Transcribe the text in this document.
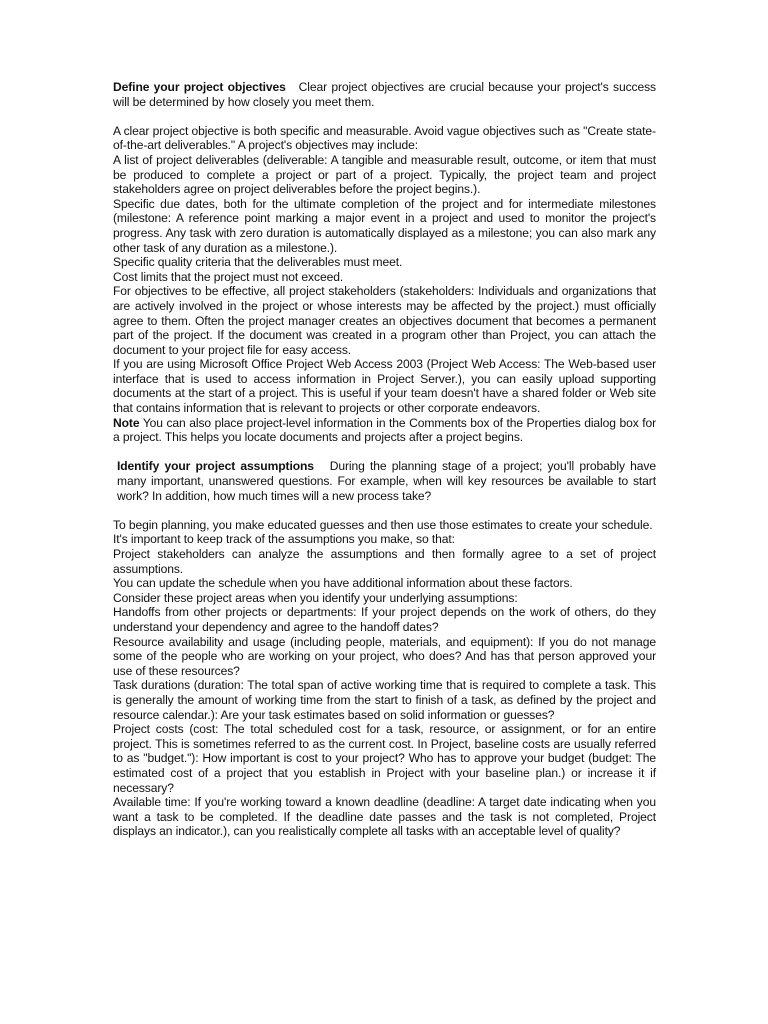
Define your project objectives Clear project objectives are crucial because your project's success will be determined by how closely you meet them.

A clear project objective is both specific and measurable. Avoid vague objectives such as "Create state-of-the-art deliverables." A project's objectives may include:

A list of project deliverables (deliverable: A tangible and measurable result, outcome, or item that must be produced to complete a project or part of a project. Typically, the project team and project stakeholders agree on project deliverables before the project begins.).

Specific due dates, both for the ultimate completion of the project and for intermediate milestones (milestone: A reference point marking a major event in a project and used to monitor the project's progress. Any task with zero duration is automatically displayed as a milestone; you can also mark any other task of any duration as a milestone.).

Specific quality criteria that the deliverables must meet.

Cost limits that the project must not exceed.

For objectives to be effective, all project stakeholders (stakeholders: Individuals and organizations that are actively involved in the project or whose interests may be affected by the project.) must officially agree to them. Often the project manager creates an objectives document that becomes a permanent part of the project. If the document was created in a program other than Project, you can attach the document to your project file for easy access.

If you are using Microsoft Office Project Web Access 2003 (Project Web Access: The Web-based user interface that is used to access information in Project Server.), you can easily upload supporting documents at the start of a project. This is useful if your team doesn't have a shared folder or Web site that contains information that is relevant to projects or other corporate endeavors.

Note You can also place project-level information in the Comments box of the Properties dialog box for a project. This helps you locate documents and projects after a project begins.

Identify your project assumptions During the planning stage of a project; you'll probably have many important, unanswered questions. For example, when will key resources be available to start work? In addition, how much times will a new process take?

To begin planning, you make educated guesses and then use those estimates to create your schedule.

It's important to keep track of the assumptions you make, so that:

Project stakeholders can analyze the assumptions and then formally agree to a set of project assumptions.

You can update the schedule when you have additional information about these factors.

Consider these project areas when you identify your underlying assumptions:

Handoffs from other projects or departments: If your project depends on the work of others, do they understand your dependency and agree to the handoff dates?

Resource availability and usage (including people, materials, and equipment): If you do not manage some of the people who are working on your project, who does? And has that person approved your use of these resources?

Task durations (duration: The total span of active working time that is required to complete a task. This is generally the amount of working time from the start to finish of a task, as defined by the project and resource calendar.): Are your task estimates based on solid information or guesses?

Project costs (cost: The total scheduled cost for a task, resource, or assignment, or for an entire project. This is sometimes referred to as the current cost. In Project, baseline costs are usually referred to as "budget."): How important is cost to your project? Who has to approve your budget (budget: The estimated cost of a project that you establish in Project with your baseline plan.) or increase it if necessary?

Available time: If you're working toward a known deadline (deadline: A target date indicating when you want a task to be completed. If the deadline date passes and the task is not completed, Project displays an indicator.), can you realistically complete all tasks with an acceptable level of quality?
